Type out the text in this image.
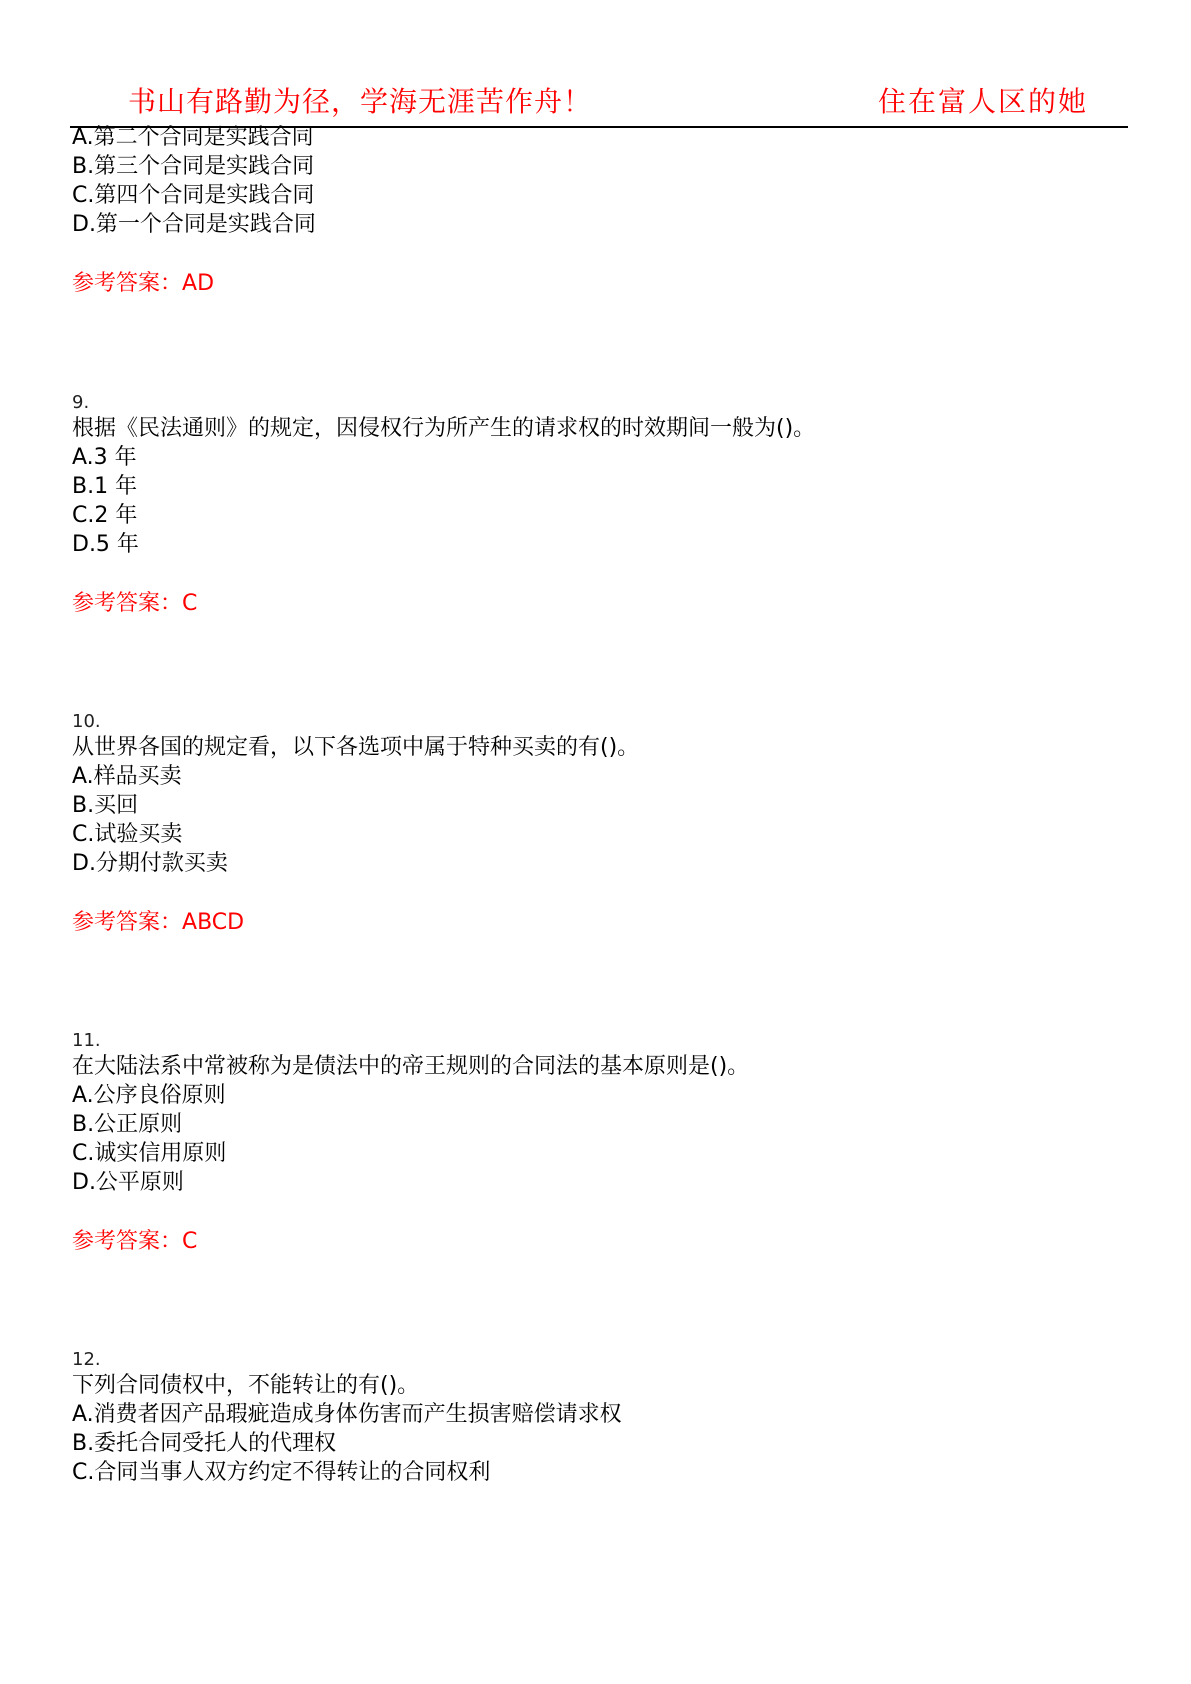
书山有路勤为径，学海无涯苦作舟！	住在富人区的她
A.第二个合同是实践合同
B.第三个合同是实践合同
C.第四个合同是实践合同
D.第一个合同是实践合同
参考答案：AD
9.
根据《民法通则》的规定，因侵权行为所产生的请求权的时效期间一般为()。
A.3 年
B.1 年
C.2 年
D.5 年
参考答案：C
10.
从世界各国的规定看，以下各选项中属于特种买卖的有()。
A.样品买卖
B.买回
C.试验买卖
D.分期付款买卖
参考答案：ABCD
11.
在大陆法系中常被称为是债法中的帝王规则的合同法的基本原则是()。
A.公序良俗原则
B.公正原则
C.诚实信用原则
D.公平原则
参考答案：C
12.
下列合同债权中，不能转让的有()。
A.消费者因产品瑕疵造成身体伤害而产生损害赔偿请求权
B.委托合同受托人的代理权
C.合同当事人双方约定不得转让的合同权利
